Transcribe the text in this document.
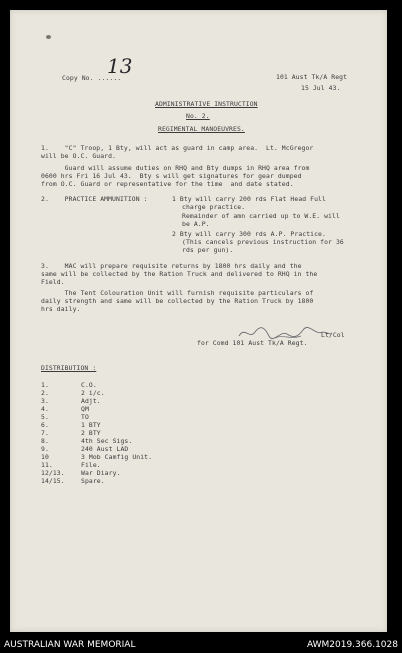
13
Copy No. ......	101 Aust Tk/A Regt
15 Jul 43.
ADMINISTRATIVE INSTRUCTION
No. 2.
REGIMENTAL MANOEUVRES.
1.    "C" Troop, 1 Bty, will act as guard in camp area.  Lt. McGregor
will be O.C. Guard.
Guard will assume duties on RHQ and Bty dumps in RHQ area from
0600 hrs Fri 16 Jul 43.  Bty s will get signatures for gear dumped
from O.C. Guard or representative for the time  and date stated.
2.    PRACTICE AMMUNITION :	1 Bty will carry 200 rds Flat Head Full
charge practice.
Remainder of amn carried up to W.E. will
be A.P.
2 Bty will carry 300 rds A.P. Practice.
(This cancels previous instruction for 36
rds per gun).
3.    MAC will prepare requisite returns by 1800 hrs daily and the
same will be collected by the Ration Truck and delivered to RHQ in the
Field.
The Tent Colouration Unit will furnish requisite particulars of
daily strength and same will be collected by the Ration Truck by 1800
hrs daily.
Lt/Col
for Comd 101 Aust Tk/A Regt.
DISTRIBUTION :
1.	C.O.
2.	2 i/c.
3.	Adjt.
4.	QM
5.	TO
6.	1 BTY
7.	2 BTY
8.	4th Sec Sigs.
9.	240 Aust LAD
10	3 Mob Camfig Unit.
11.	File.
12/13.	War Diary.
14/15.	Spare.
AUSTRALIAN WAR MEMORIAL	AWM2019.366.1028
